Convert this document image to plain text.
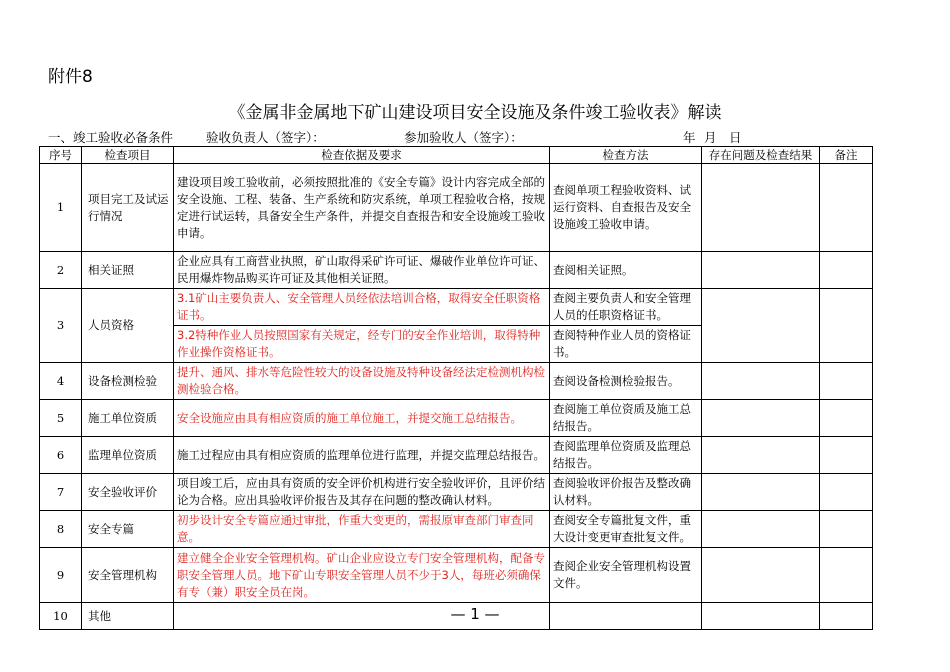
附件8
《金属非金属地下矿山建设项目安全设施及条件竣工验收表》解读
一、竣工验收必备条件	验收负责人（签字）：	参加验收人（签字）：	年 月 日
序号	检查项目	检查依据及要求	检查方法	存在问题及检查结果	备注
1	项目完工及试运行情况	建设项目竣工验收前，必须按照批准的《安全专篇》设计内容完成全部的安全设施、工程、装备、生产系统和防灾系统，单项工程验收合格，按规定进行试运转，具备安全生产条件，并提交自查报告和安全设施竣工验收申请。	查阅单项工程验收资料、试运行资料、自查报告及安全设施竣工验收申请。		
2	相关证照	企业应具有工商营业执照，矿山取得采矿许可证、爆破作业单位许可证、民用爆炸物品购买许可证及其他相关证照。	查阅相关证照。		
3	人员资格	3.1矿山主要负责人、安全管理人员经依法培训合格，取得安全任职资格证书。	查阅主要负责人和安全管理人员的任职资格证书。		
		3.2特种作业人员按照国家有关规定，经专门的安全作业培训，取得特种作业操作资格证书。	查阅特种作业人员的资格证书。		
4	设备检测检验	提升、通风、排水等危险性较大的设备设施及特种设备经法定检测机构检测检验合格。	查阅设备检测检验报告。		
5	施工单位资质	安全设施应由具有相应资质的施工单位施工，并提交施工总结报告。	查阅施工单位资质及施工总结报告。		
6	监理单位资质	施工过程应由具有相应资质的监理单位进行监理，并提交监理总结报告。	查阅监理单位资质及监理总结报告。		
7	安全验收评价	项目竣工后，应由具有资质的安全评价机构进行安全验收评价，且评价结论为合格。应出具验收评价报告及其存在问题的整改确认材料。	查阅验收评价报告及整改确认材料。		
8	安全专篇	初步设计安全专篇应通过审批，作重大变更的，需报原审查部门审查同意。	查阅安全专篇批复文件，重大设计变更审查批复文件。		
9	安全管理机构	建立健全企业安全管理机构。矿山企业应设立专门安全管理机构，配备专职安全管理人员。地下矿山专职安全管理人员不少于3人，每班必须确保有专（兼）职安全员在岗。	查阅企业安全管理机构设置文件。		
10	其他					— 1 —
